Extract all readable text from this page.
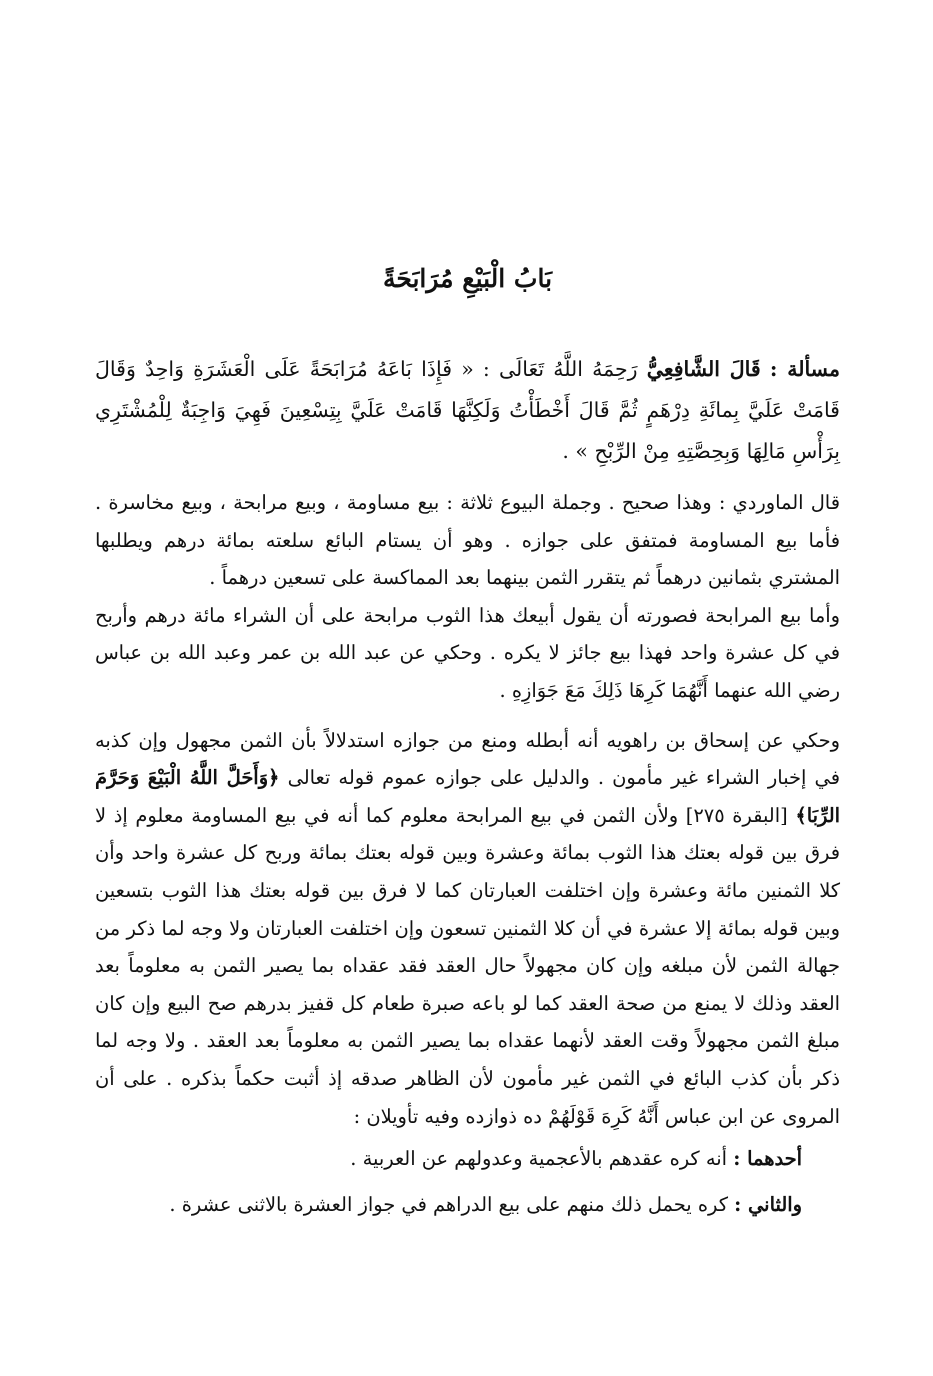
بَابُ الْبَيْعِ مُرَابَحَةً

مسألة : قَالَ الشَّافِعِيُّ رَحِمَهُ اللَّهُ تَعَالَى : « فَإِذَا بَاعَهُ مُرَابَحَةً عَلَى الْعَشَرَةِ وَاحِدٌ وَقَالَ قَامَتْ عَلَيَّ بِمائَةِ دِرْهَمٍ ثُمَّ قَالَ أَخْطَأْتُ وَلَكِنَّهَا قَامَتْ عَلَيَّ بِتِسْعِينَ فَهِيَ وَاجِبَةٌ لِلْمُشْتَرِي بِرَأْسِ مَالِهَا وَبِحِصَّتِهِ مِنْ الرِّبْحِ » .

قال الماوردي : وهذا صحيح . وجملة البيوع ثلاثة : بيع مساومة ، وبيع مرابحة ، وبيع مخاسرة . فأما بيع المساومة فمتفق على جوازه . وهو أن يستام البائع سلعته بمائة درهم ويطلبها المشتري بثمانين درهماً ثم يتقرر الثمن بينهما بعد المماكسة على تسعين درهماً .

وأما بيع المرابحة فصورته أن يقول أبيعك هذا الثوب مرابحة على أن الشراء مائة درهم وأربح في كل عشرة واحد فهذا بيع جائز لا يكره . وحكي عن عبد الله بن عمر وعبد الله بن عباس رضي الله عنهما أَنَّهُمَا كَرِهَا ذَلِكَ مَعَ جَوَازِهِ .

وحكي عن إسحاق بن راهويه أنه أبطله ومنع من جوازه استدلالاً بأن الثمن مجهول وإن كذبه في إخبار الشراء غير مأمون . والدليل على جوازه عموم قوله تعالى ﴿وَأَحَلَّ اللَّهُ الْبَيْعَ وَحَرَّمَ الرِّبَا﴾ [البقرة ٢٧٥] ولأن الثمن في بيع المرابحة معلوم كما أنه في بيع المساومة معلوم إذ لا فرق بين قوله بعتك هذا الثوب بمائة وعشرة وبين قوله بعتك بمائة وربح كل عشرة واحد وأن كلا الثمنين مائة وعشرة وإن اختلفت العبارتان كما لا فرق بين قوله بعتك هذا الثوب بتسعين وبين قوله بمائة إلا عشرة في أن كلا الثمنين تسعون وإن اختلفت العبارتان ولا وجه لما ذكر من جهالة الثمن لأن مبلغه وإن كان مجهولاً حال العقد فقد عقداه بما يصير الثمن به معلوماً بعد العقد وذلك لا يمنع من صحة العقد كما لو باعه صبرة طعام كل قفيز بدرهم صح البيع وإن كان مبلغ الثمن مجهولاً وقت العقد لأنهما عقداه بما يصير الثمن به معلوماً بعد العقد . ولا وجه لما ذكر بأن كذب البائع في الثمن غير مأمون لأن الظاهر صدقه إذ أثبت حكماً بذكره . على أن المروى عن ابن عباس أَنَّهُ كَرِهَ قَوْلَهُمْ ده ذوازده وفيه تأويلان :

أحدهما : أنه كره عقدهم بالأعجمية وعدولهم عن العربية .

والثاني : كره يحمل ذلك منهم على بيع الدراهم في جواز العشرة بالاثنى عشرة .
